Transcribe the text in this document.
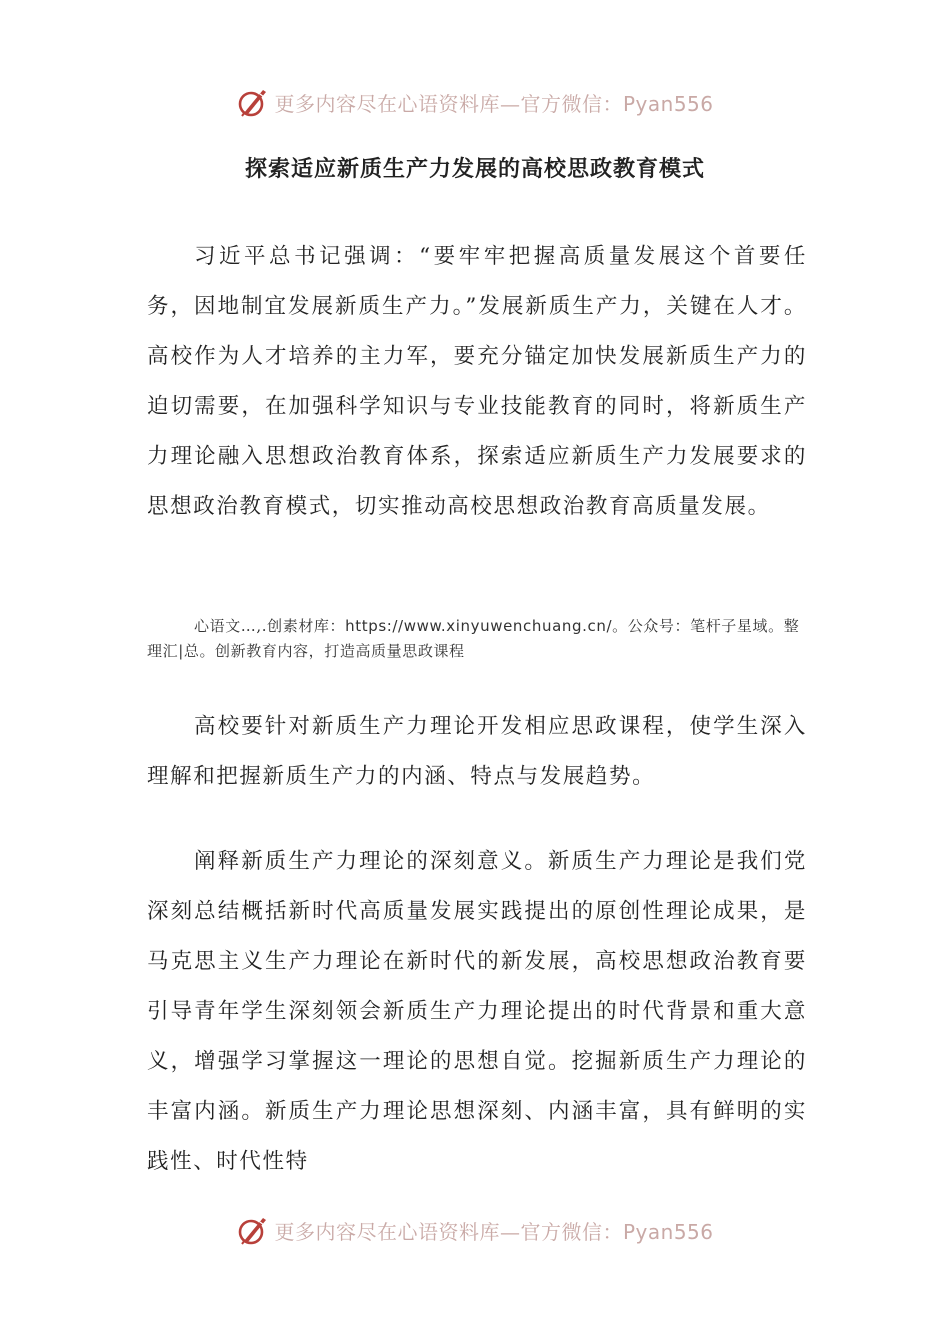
更多内容尽在心语资料库—官方微信：Pyan556
探索适应新质生产力发展的高校思政教育模式

习近平总书记强调：“要牢牢把握高质量发展这个首要任务，因地制宜发展新质生产力。”发展新质生产力，关键在人才。高校作为人才培养的主力军，要充分锚定加快发展新质生产力的迫切需要，在加强科学知识与专业技能教育的同时，将新质生产力理论融入思想政治教育体系，探索适应新质生产力发展要求的思想政治教育模式，切实推动高校思想政治教育高质量发展。

心语文…,.创素材库：https://www.xinyuwenchuang.cn/。公众号：笔杆子星域。整理汇|总。创新教育内容，打造高质量思政课程

高校要针对新质生产力理论开发相应思政课程，使学生深入理解和把握新质生产力的内涵、特点与发展趋势。

阐释新质生产力理论的深刻意义。新质生产力理论是我们党深刻总结概括新时代高质量发展实践提出的原创性理论成果，是马克思主义生产力理论在新时代的新发展，高校思想政治教育要引导青年学生深刻领会新质生产力理论提出的时代背景和重大意义，增强学习掌握这一理论的思想自觉。挖掘新质生产力理论的丰富内涵。新质生产力理论思想深刻、内涵丰富，具有鲜明的实践性、时代性特

更多内容尽在心语资料库—官方微信：Pyan556
